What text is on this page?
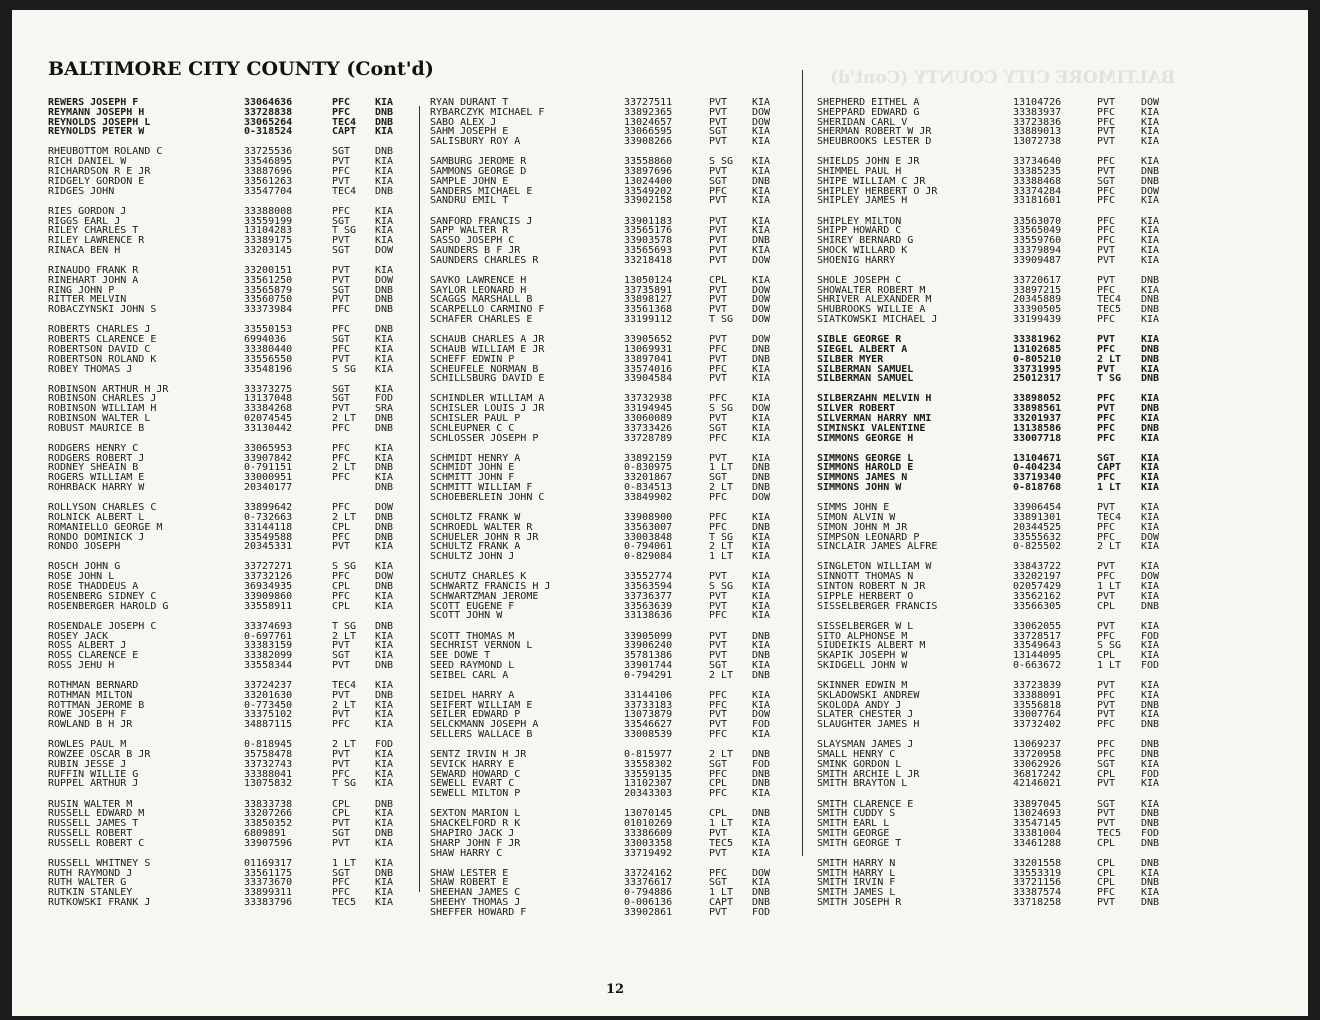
BALTIMORE CITY COUNTY (Cont'd)	BALTIMORE CITY COUNTY (Cont'd)
REWERS JOSEPH F	33064636	PFC KIA
REYMANN JOSEPH H	33728838	PFC DNB
REYNOLDS JOSEPH L	33065264	TEC4 DNB
REYNOLDS PETER W	0-318524	CAPT KIA
RHEUBOTTOM ROLAND C	33725536	SGT DNB
RICH DANIEL W	33546895	PVT KIA
RICHARDSON R E JR	33887696	PFC KIA
RIDGELY GORDON E	33561263	PVT KIA
RIDGES JOHN	33547704	TEC4 DNB
RIES GORDON J	33388008	PFC KIA
RIGGS EARL J	33559199	SGT KIA
RILEY CHARLES T	13104283	T SG KIA
RILEY LAWRENCE R	33389175	PVT KIA
RINACA BEN H	33203145	SGT DOW
RINAUDO FRANK R	33200151	PVT KIA
RINEHART JOHN A	33561250	PVT DOW
RING JOHN P	33565879	SGT DNB
RITTER MELVIN	33560750	PVT DNB
ROBACZYNSKI JOHN S	33373984	PFC DNB
ROBERTS CHARLES J	33550153	PFC DNB
ROBERTS CLARENCE E	6994036	SGT KIA
ROBERTSON DAVID C	33380440	PFC KIA
ROBERTSON ROLAND K	33556550	PVT KIA
ROBEY THOMAS J	33548196	S SG KIA
ROBINSON ARTHUR H JR	33373275	SGT KIA
ROBINSON CHARLES J	13137048	SGT FOD
ROBINSON WILLIAM H	33384268	PVT SRA
ROBINSON WALTER L	02074545	2 LT DNB
ROBUST MAURICE B	33130442	PFC DNB
RODGERS HENRY C	33065953	PFC KIA
RODGERS ROBERT J	33907842	PFC KIA
RODNEY SHEAIN B	0-791151	2 LT DNB
ROGERS WILLIAM E	33000951	PFC KIA
ROHRBACK HARRY W	20340177	DNB
ROLLYSON CHARLES C	33899642	PFC DOW
ROLNICK ALBERT L	0-732663	2 LT DNB
ROMANIELLO GEORGE M	33144118	CPL DNB
RONDO DOMINICK J	33549588	PFC DNB
RONDO JOSEPH	20345331	PVT KIA
ROSCH JOHN G	33727271	S SG KIA
ROSE JOHN L	33732126	PFC DOW
ROSE THADDEUS A	36934935	CPL DNB
ROSENBERG SIDNEY C	33909860	PFC KIA
ROSENBERGER HAROLD G	33558911	CPL KIA
ROSENDALE JOSEPH C	33374693	T SG DNB
ROSEY JACK	0-697761	2 LT KIA
ROSS ALBERT J	33383159	PVT KIA
ROSS CLARENCE E	33382099	SGT KIA
ROSS JEHU H	33558344	PVT DNB
ROTHMAN BERNARD	33724237	TEC4 KIA
ROTHMAN MILTON	33201630	PVT DNB
ROTTMAN JEROME B	0-773450	2 LT KIA
ROWE JOSEPH F	33375102	PVT KIA
ROWLAND B H JR	34887115	PFC KIA
ROWLES PAUL M	0-818945	2 LT FOD
ROWZEE OSCAR B JR	35758478	PVT KIA
RUBIN JESSE J	33732743	PVT KIA
RUFFIN WILLIE G	33388041	PFC KIA
RUPPEL ARTHUR J	13075832	T SG KIA
RUSIN WALTER M	33833738	CPL DNB
RUSSELL EDWARD M	33207266	CPL KIA
RUSSELL JAMES T	33850352	PVT KIA
RUSSELL ROBERT	6809891	SGT DNB
RUSSELL ROBERT C	33907596	PVT KIA
RUSSELL WHITNEY S	01169317	1 LT KIA
RUTH RAYMOND J	33561175	SGT DNB
RUTH WALTER G	33373670	PFC KIA
RUTKIN STANLEY	33899311	PFC KIA
RUTKOWSKI FRANK J	33383796	TEC5 KIA
RYAN DURANT T	33727511	PVT KIA
RYBARCZYK MICHAEL F	33892365	PVT DOW
SABO ALEX J	13024657	PVT DOW
SAHM JOSEPH E	33066595	SGT KIA
SALISBURY ROY A	33908266	PVT KIA
SAMBURG JEROME R	33558860	S SG KIA
SAMMONS GEORGE D	33897696	PVT KIA
SAMPLE JOHN E	13024400	SGT DNB
SANDERS MICHAEL E	33549202	PFC KIA
SANDRU EMIL T	33902158	PVT KIA
SANFORD FRANCIS J	33901183	PVT KIA
SAPP WALTER R	33565176	PVT KIA
SASSO JOSEPH C	33903578	PVT DNB
SAUNDERS B F JR	33565693	PVT KIA
SAUNDERS CHARLES R	33218418	PVT DOW
SAVKO LAWRENCE H	13050124	CPL KIA
SAYLOR LEONARD H	33735891	PVT DOW
SCAGGS MARSHALL B	33898127	PVT DOW
SCARPELLO CARMINO F	33561368	PVT DOW
SCHAFER CHARLES E	33199112	T SG DOW
SCHAUB CHARLES A JR	33905652	PVT DOW
SCHAUB WILLIAM E JR	13069931	PFC DNB
SCHEFF EDWIN P	33897041	PVT DNB
SCHEUFELE NORMAN B	33574016	PFC KIA
SCHILLSBURG DAVID E	33904584	PVT KIA
SCHINDLER WILLIAM A	33732938	PFC KIA
SCHISLER LOUIS J JR	33194945	S SG DOW
SCHISLER PAUL P	33060089	PVT KIA
SCHLEUPNER C C	33733426	SGT KIA
SCHLOSSER JOSEPH P	33728789	PFC KIA
SCHMIDT HENRY A	33892159	PVT KIA
SCHMIDT JOHN E	0-830975	1 LT DNB
SCHMITT JOHN F	33201867	SGT DNB
SCHMITT WILLIAM F	0-834513	2 LT DNB
SCHOEBERLEIN JOHN C	33849902	PFC DOW
SCHOLTZ FRANK W	33908900	PFC KIA
SCHROEDL WALTER R	33563007	PFC DNB
SCHUELER JOHN R JR	33003848	T SG KIA
SCHULTZ FRANK A	0-794061	2 LT KIA
SCHULTZ JOHN J	0-829084	1 LT KIA
SCHUTZ CHARLES K	33552774	PVT KIA
SCHWARTZ FRANCIS H J	33563594	S SG KIA
SCHWARTZMAN JEROME	33736377	PVT KIA
SCOTT EUGENE F	33563639	PVT KIA
SCOTT JOHN W	33138636	PFC KIA
SCOTT THOMAS M	33905099	PVT DNB
SECHRIST VERNON L	33906240	PVT KIA
SEE DOWE T	35781386	PVT DNB
SEED RAYMOND L	33901744	SGT KIA
SEIBEL CARL A	0-794291	2 LT DNB
SEIDEL HARRY A	33144106	PFC KIA
SEIFERT WILLIAM E	33733183	PFC KIA
SEILER EDWARD P	13073879	PVT DOW
SELCKMANN JOSEPH A	33546627	PVT FOD
SELLERS WALLACE B	33008539	PFC KIA
SENTZ IRVIN H JR	0-815977	2 LT DNB
SEVICK HARRY E	33558302	SGT FOD
SEWARD HOWARD C	33559135	PFC DNB
SEWELL EVART C	13102307	CPL DNB
SEWELL MILTON P	20343303	PFC KIA
SEXTON MARION L	13070145	CPL DNB
SHACKELFORD R K	01010269	1 LT KIA
SHAPIRO JACK J	33386609	PVT KIA
SHARP JOHN F JR	33003358	TEC5 KIA
SHAW HARRY C	33719492	PVT KIA
SHAW LESTER E	33724162	PFC DOW
SHAW ROBERT E	33376617	SGT KIA
SHEEHAN JAMES C	0-794886	1 LT DNB
SHEEHY THOMAS J	0-006136	CAPT DNB
SHEFFER HOWARD F	33902861	PVT FOD
SHEPHERD EITHEL A	13104726	PVT	DOW
SHEPPARD EDWARD G	33383937	PFC	KIA
SHERIDAN CARL V	33723836	PFC	KIA
SHERMAN ROBERT W JR	33889013	PVT	KIA
SHEUBROOKS LESTER D	13072738	PVT	KIA
SHIELDS JOHN E JR	33734640	PFC	KIA
SHIMMEL PAUL H	33385235	PVT	DNB
SHIPE WILLIAM C JR	33388468	SGT	DNB
SHIPLEY HERBERT O JR	33374284	PFC	DOW
SHIPLEY JAMES H	33181601	PFC	KIA
SHIPLEY MILTON	33563070	PFC	KIA
SHIPP HOWARD C	33565049	PFC	KIA
SHIREY BERNARD G	33559760	PFC	KIA
SHOCK WILLARD K	33379894	PVT	KIA
SHOENIG HARRY	33909487	PVT	KIA
SHOLE JOSEPH C	33720617	PVT	DNB
SHOWALTER ROBERT M	33897215	PFC	KIA
SHRIVER ALEXANDER M	20345889	TEC4 DNB
SHUBROOKS WILLIE A	33390505	TEC5 DNB
SIATKOWSKI MICHAEL J	33199439	PFC	KIA
SIBLE GEORGE R	33381962	PVT	KIA
SIEGEL ALBERT A	13102685	PFC	DNB
SILBER MYER	0-805210	2 LT DNB
SILBERMAN SAMUEL	33731995	PVT	KIA
SILBERMAN SAMUEL	25012317	T SG DNB
SILBERZAHN MELVIN H	33898052	PFC	KIA
SILVER ROBERT	33898561	PVT	DNB
SILVERMAN HARRY NMI	33201937	PFC	KIA
SIMINSKI VALENTINE	13138586	PFC	DNB
SIMMONS GEORGE H	33007718	PFC	KIA
SIMMONS GEORGE L	13104671	SGT	KIA
SIMMONS HAROLD E	0-404234	CAPT KIA
SIMMONS JAMES N	33719340	PFC	KIA
SIMMONS JOHN W	0-818768	1 LT KIA
SIMMS JOHN E	33906454	PVT	KIA
SIMON ALVIN W	33891301	TEC4 KIA
SIMON JOHN M JR	20344525	PFC	KIA
SIMPSON LEONARD P	33555632	PFC	DOW
SINCLAIR JAMES ALFRE	0-825502	2 LT KIA
SINGLETON WILLIAM W	33843722	PVT	KIA
SINNOTT THOMAS N	33202197	PFC	DOW
SINTON ROBERT N JR	02057429	1 LT KIA
SIPPLE HERBERT O	33562162	PVT	KIA
SISSELBERGER FRANCIS	33566305	CPL	DNB
SISSELBERGER W L	33062055	PVT	KIA
SITO ALPHONSE M	33728517	PFC	FOD
SIUDEIKIS ALBERT M	33549643	S SG KIA
SKAPIK JOSEPH W	13144095	CPL	KIA
SKIDGELL JOHN W	0-663672	1 LT FOD
SKINNER EDWIN M	33723839	PVT	KIA
SKLADOWSKI ANDREW	33388091	PFC	KIA
SKOLODA ANDY J	33556818	PVT	DNB
SLATER CHESTER J	33007764	PVT	KIA
SLAUGHTER JAMES H	33732402	PFC	DNB
SLAYSMAN JAMES J	13069237	PFC	DNB
SMALL HENRY C	33720958	PFC	DNB
SMINK GORDON L	33062926	SGT	KIA
SMITH ARCHIE L JR	36817242	CPL	FOD
SMITH BRAYTON L	42146021	PVT	KIA
SMITH CLARENCE E	33897045	SGT	KIA
SMITH CUDDY S	13024693	PVT	DNB
SMITH EARL L	33547145	PVT	DNB
SMITH GEORGE	33381004	TEC5 FOD
SMITH GEORGE T	33461288	CPL	DNB
SMITH HARRY N	33201558	CPL	DNB
SMITH HARRY L	33553319	CPL	KIA
SMITH IRVIN F	33721156	CPL	DNB
SMITH JAMES L	33387574	PFC	KIA
SMITH JOSEPH R	33718258	PVT	DNB
12
